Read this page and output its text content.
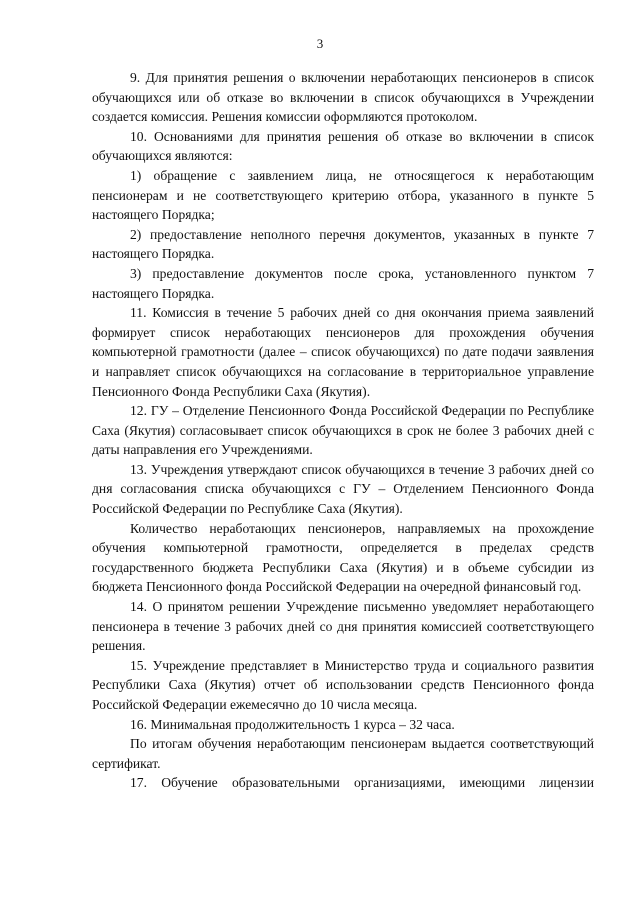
3

9. Для принятия решения о включении неработающих пенсионеров в список обучающихся или об отказе во включении в список обучающихся в Учреждении создается комиссия. Решения комиссии оформляются протоколом.

10. Основаниями для принятия решения об отказе во включении в список обучающихся являются:

1) обращение с заявлением лица, не относящегося к неработающим пенсионерам и не соответствующего критерию отбора, указанного в пункте 5 настоящего Порядка;

2) предоставление неполного перечня документов, указанных в пункте 7 настоящего Порядка.

3) предоставление документов после срока, установленного пунктом 7 настоящего Порядка.

11. Комиссия в течение 5 рабочих дней со дня окончания приема заявлений формирует список неработающих пенсионеров для прохождения обучения компьютерной грамотности (далее – список обучающихся) по дате подачи заявления и направляет список обучающихся на согласование в территориальное управление Пенсионного Фонда Республики Саха (Якутия).

12. ГУ – Отделение Пенсионного Фонда Российской Федерации по Республике Саха (Якутия) согласовывает список обучающихся в срок не более 3 рабочих дней с даты направления его Учреждениями.

13. Учреждения утверждают список обучающихся в течение 3 рабочих дней со дня согласования списка обучающихся с ГУ – Отделением Пенсионного Фонда Российской Федерации по Республике Саха (Якутия).

Количество неработающих пенсионеров, направляемых на прохождение обучения компьютерной грамотности, определяется в пределах средств государственного бюджета Республики Саха (Якутия) и в объеме субсидии из бюджета Пенсионного фонда Российской Федерации на очередной финансовый год.

14. О принятом решении Учреждение письменно уведомляет неработающего пенсионера в течение 3 рабочих дней со дня принятия комиссией соответствующего решения.

15. Учреждение представляет в Министерство труда и социального развития Республики Саха (Якутия) отчет об использовании средств Пенсионного фонда Российской Федерации ежемесячно до 10 числа месяца.

16. Минимальная продолжительность 1 курса – 32 часа.

По итогам обучения неработающим пенсионерам выдается соответствующий сертификат.

17. Обучение образовательными организациями, имеющими лицензии
